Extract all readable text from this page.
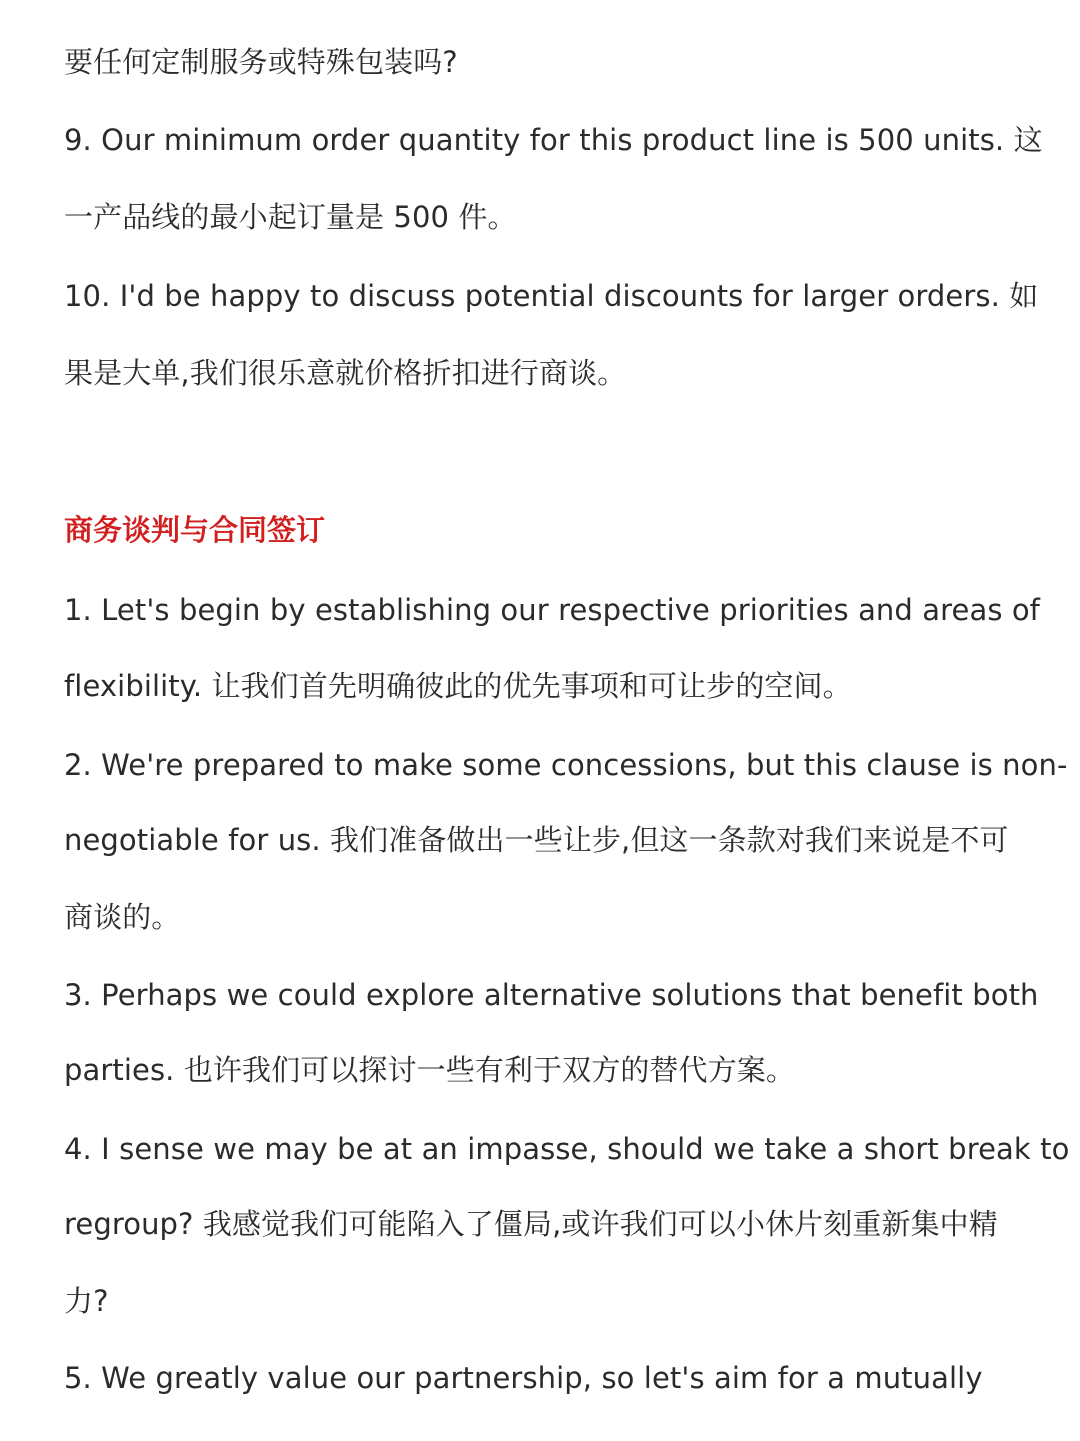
要任何定制服务或特殊包装吗?
9. Our minimum order quantity for this product line is 500 units. 这
一产品线的最小起订量是 500 件。
10. I'd be happy to discuss potential discounts for larger orders. 如
果是大单,我们很乐意就价格折扣进行商谈。
商务谈判与合同签订
1. Let's begin by establishing our respective priorities and areas of
flexibility. 让我们首先明确彼此的优先事项和可让步的空间。
2. We're prepared to make some concessions, but this clause is non-
negotiable for us. 我们准备做出一些让步,但这一条款对我们来说是不可
商谈的。
3. Perhaps we could explore alternative solutions that benefit both
parties. 也许我们可以探讨一些有利于双方的替代方案。
4. I sense we may be at an impasse, should we take a short break to
regroup? 我感觉我们可能陷入了僵局,或许我们可以小休片刻重新集中精
力?
5. We greatly value our partnership, so let's aim for a mutually
